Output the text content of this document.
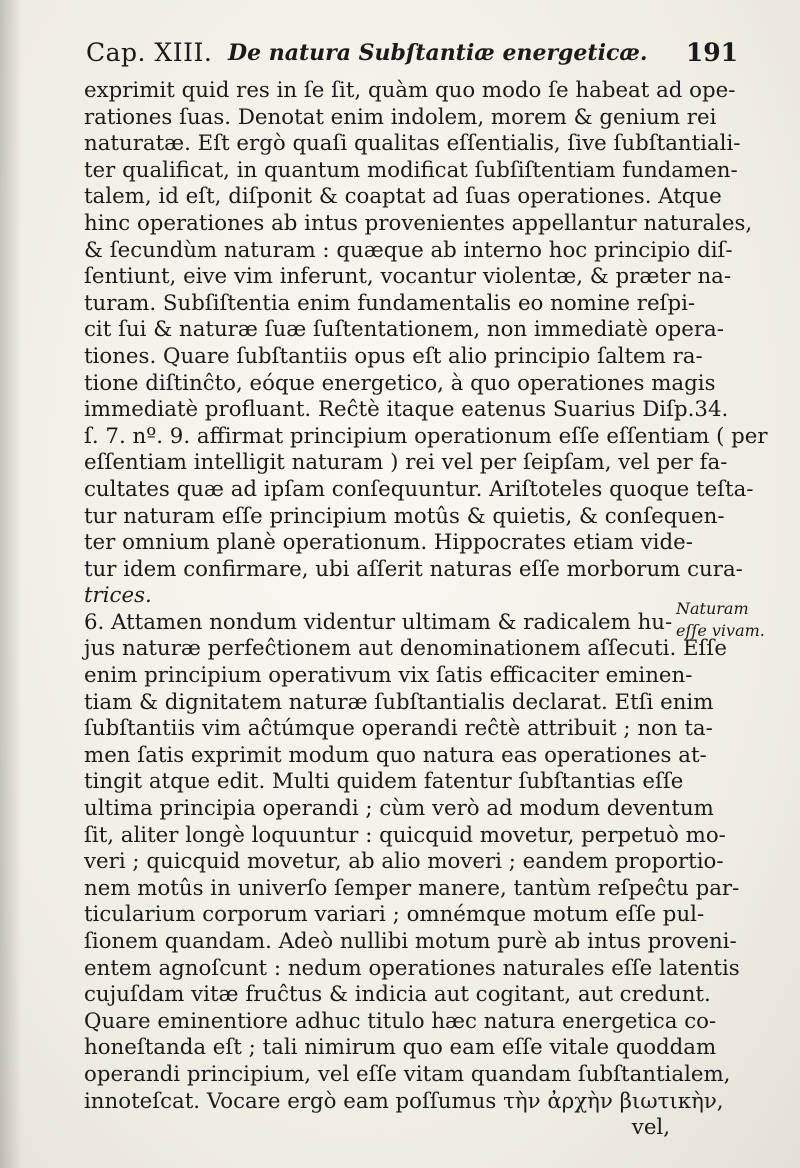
Cap. XIII. De natura Subſtantiæ energeticæ. 191
exprimit quid res in ſe ſit, quàm quo modo ſe habeat ad ope-
rationes ſuas. Denotat enim indolem, morem & genium rei
naturatæ. Eſt ergò quaſi qualitas eſſentialis, ſive ſubſtantiali-
ter qualificat, in quantum modificat ſubſiſtentiam fundamen-
talem, id eſt, diſponit & coaptat ad ſuas operationes. Atque
hinc operationes ab intus provenientes appellantur naturales,
& ſecundùm naturam : quæque ab interno hoc principio diſ-
ſentiunt, eive vim inferunt, vocantur violentæ, & præter na-
turam. Subſiſtentia enim fundamentalis eo nomine reſpi-
cit ſui & naturæ ſuæ ſuſtentationem, non immediatè opera-
tiones. Quare ſubſtantiis opus eſt alio principio ſaltem ra-
tione diſtinĉto, eóque energetico, à quo operationes magis
immediatè profluant. Reĉtè itaque eatenus Suarius Diſp.34.
ſ. 7. nº. 9. affirmat principium operationum eſſe eſſentiam ( per
eſſentiam intelligit naturam ) rei vel per ſeipſam, vel per fa-
cultates quæ ad ipſam conſequuntur. Ariſtoteles quoque teſta-
tur naturam eſſe principium motûs & quietis, & conſequen-
ter omnium planè operationum. Hippocrates etiam vide-
tur idem confirmare, ubi aſſerit naturas eſſe morborum cura-
trices.
6. Attamen nondum videntur ultimam & radicalem hu-
jus naturæ perfeĉtionem aut denominationem aſſecuti. Eſſe
enim principium operativum vix ſatis efficaciter eminen-
tiam & dignitatem naturæ ſubſtantialis declarat. Etſi enim
ſubſtantiis vim aĉtúmque operandi reĉtè attribuit ; non ta-
men ſatis exprimit modum quo natura eas operationes at-
tingit atque edit. Multi quidem fatentur ſubſtantias eſſe
ultima principia operandi ; cùm verò ad modum deventum
ſit, aliter longè loquuntur : quicquid movetur, perpetuò mo-
veri ; quicquid movetur, ab alio moveri ; eandem proportio-
nem motûs in univerſo ſemper manere, tantùm reſpeĉtu par-
ticularium corporum variari ; omnémque motum eſſe pul-
ſionem quandam. Adeò nullibi motum purè ab intus proveni-
entem agnoſcunt : nedum operationes naturales eſſe latentis
cujuſdam vitæ fruĉtus & indicia aut cogitant, aut credunt.
Quare eminentiore adhuc titulo hæc natura energetica co-
honeſtanda eſt ; tali nimirum quo eam eſſe vitale quoddam
operandi principium, vel eſſe vitam quandam ſubſtantialem,
innoteſcat. Vocare ergò eam poſſumus τὴν ἀρχὴν βιωτικὴν,
vel,
Naturam
eſſe vivam.
